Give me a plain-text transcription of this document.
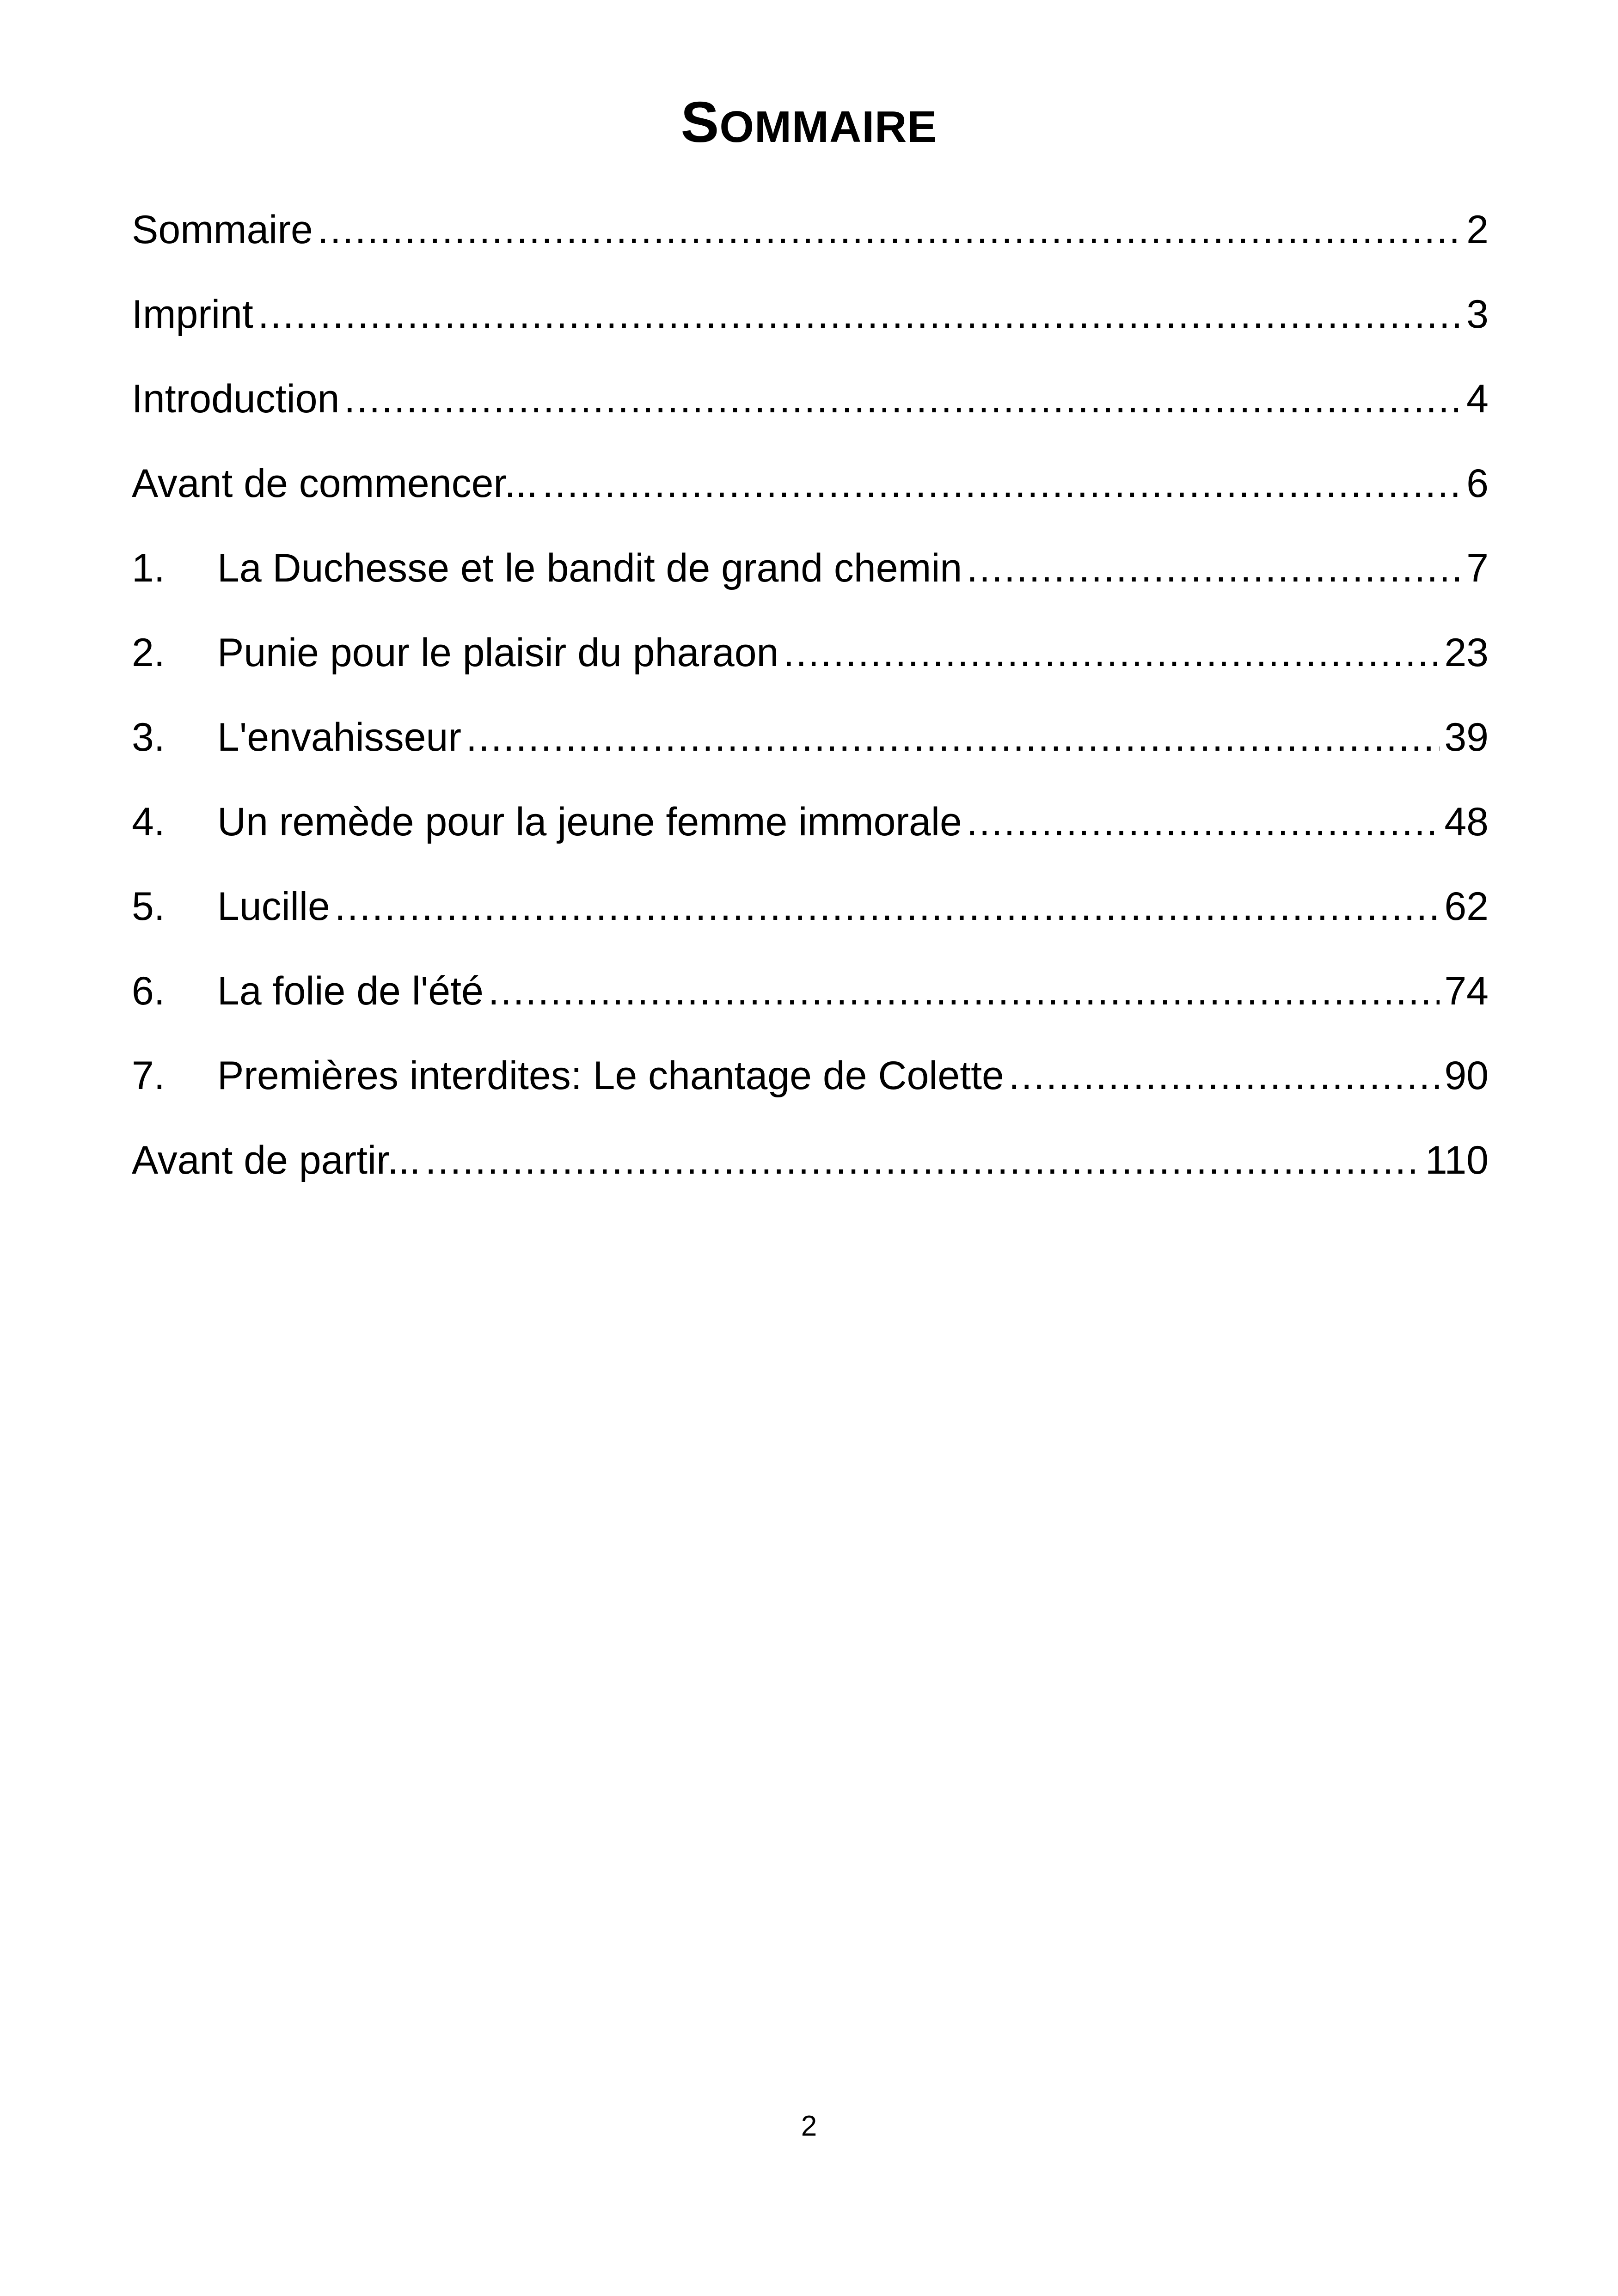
SOMMAIRE
Sommaire .....	2
Imprint .....	3
Introduction .....	4
Avant de commencer... .....	6
1.	La Duchesse et le bandit de grand chemin .....	7
2.	Punie pour le plaisir du pharaon .....	23
3.	L'envahisseur .....	39
4.	Un remède pour la jeune femme immorale .....	48
5.	Lucille .....	62
6.	La folie de l'été .....	74
7.	Premières interdites: Le chantage de Colette .....	90
Avant de partir... .....	110
2
